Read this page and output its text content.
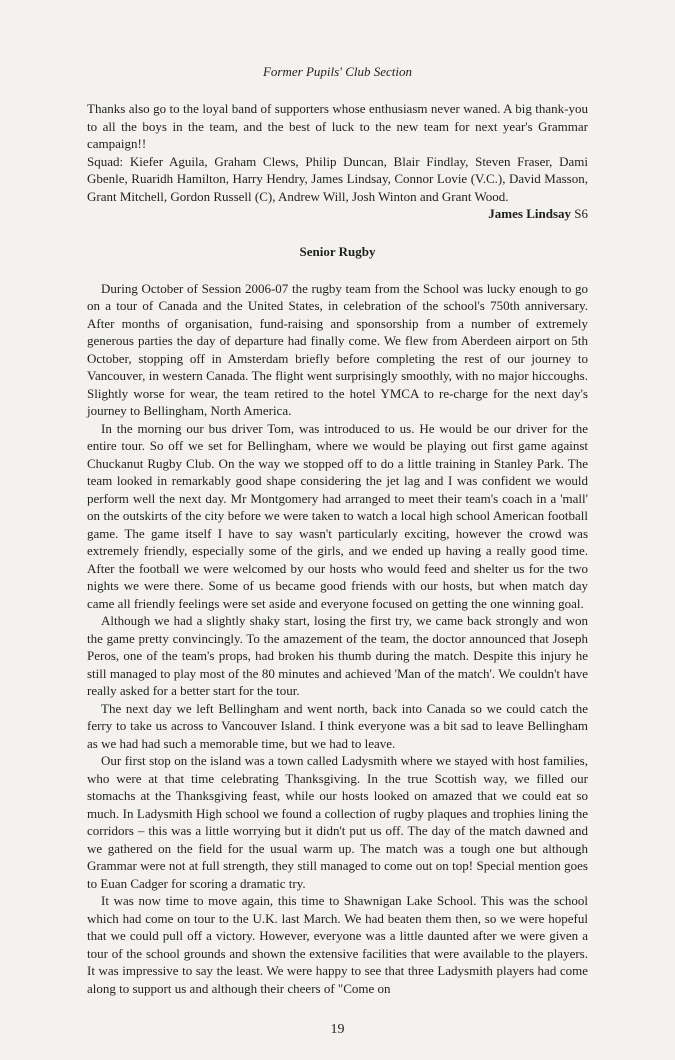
Former Pupils' Club Section

Thanks also go to the loyal band of supporters whose enthusiasm never waned. A big thank-you to all the boys in the team, and the best of luck to the new team for next year's Grammar campaign!!

Squad: Kiefer Aguila, Graham Clews, Philip Duncan, Blair Findlay, Steven Fraser, Dami Gbenle, Ruaridh Hamilton, Harry Hendry, James Lindsay, Connor Lovie (V.C.), David Masson, Grant Mitchell, Gordon Russell (C), Andrew Will, Josh Winton and Grant Wood.

James Lindsay S6
Senior Rugby

During October of Session 2006-07 the rugby team from the School was lucky enough to go on a tour of Canada and the United States, in celebration of the school's 750th anniversary. After months of organisation, fund-raising and sponsorship from a number of extremely generous parties the day of departure had finally come. We flew from Aberdeen airport on 5th October, stopping off in Amsterdam briefly before completing the rest of our journey to Vancouver, in western Canada. The flight went surprisingly smoothly, with no major hiccoughs. Slightly worse for wear, the team retired to the hotel YMCA to re-charge for the next day's journey to Bellingham, North America.

In the morning our bus driver Tom, was introduced to us. He would be our driver for the entire tour. So off we set for Bellingham, where we would be playing out first game against Chuckanut Rugby Club. On the way we stopped off to do a little training in Stanley Park. The team looked in remarkably good shape considering the jet lag and I was confident we would perform well the next day. Mr Montgomery had arranged to meet their team's coach in a 'mall' on the outskirts of the city before we were taken to watch a local high school American football game. The game itself I have to say wasn't particularly exciting, however the crowd was extremely friendly, especially some of the girls, and we ended up having a really good time. After the football we were welcomed by our hosts who would feed and shelter us for the two nights we were there. Some of us became good friends with our hosts, but when match day came all friendly feelings were set aside and everyone focused on getting the one winning goal.

Although we had a slightly shaky start, losing the first try, we came back strongly and won the game pretty convincingly. To the amazement of the team, the doctor announced that Joseph Peros, one of the team's props, had broken his thumb during the match. Despite this injury he still managed to play most of the 80 minutes and achieved 'Man of the match'. We couldn't have really asked for a better start for the tour.

The next day we left Bellingham and went north, back into Canada so we could catch the ferry to take us across to Vancouver Island. I think everyone was a bit sad to leave Bellingham as we had had such a memorable time, but we had to leave.

Our first stop on the island was a town called Ladysmith where we stayed with host families, who were at that time celebrating Thanksgiving. In the true Scottish way, we filled our stomachs at the Thanksgiving feast, while our hosts looked on amazed that we could eat so much. In Ladysmith High school we found a collection of rugby plaques and trophies lining the corridors – this was a little worrying but it didn't put us off. The day of the match dawned and we gathered on the field for the usual warm up. The match was a tough one but although Grammar were not at full strength, they still managed to come out on top! Special mention goes to Euan Cadger for scoring a dramatic try.

It was now time to move again, this time to Shawnigan Lake School. This was the school which had come on tour to the U.K. last March. We had beaten them then, so we were hopeful that we could pull off a victory. However, everyone was a little daunted after we were given a tour of the school grounds and shown the extensive facilities that were available to the players. It was impressive to say the least. We were happy to see that three Ladysmith players had come along to support us and although their cheers of "Come on

19
